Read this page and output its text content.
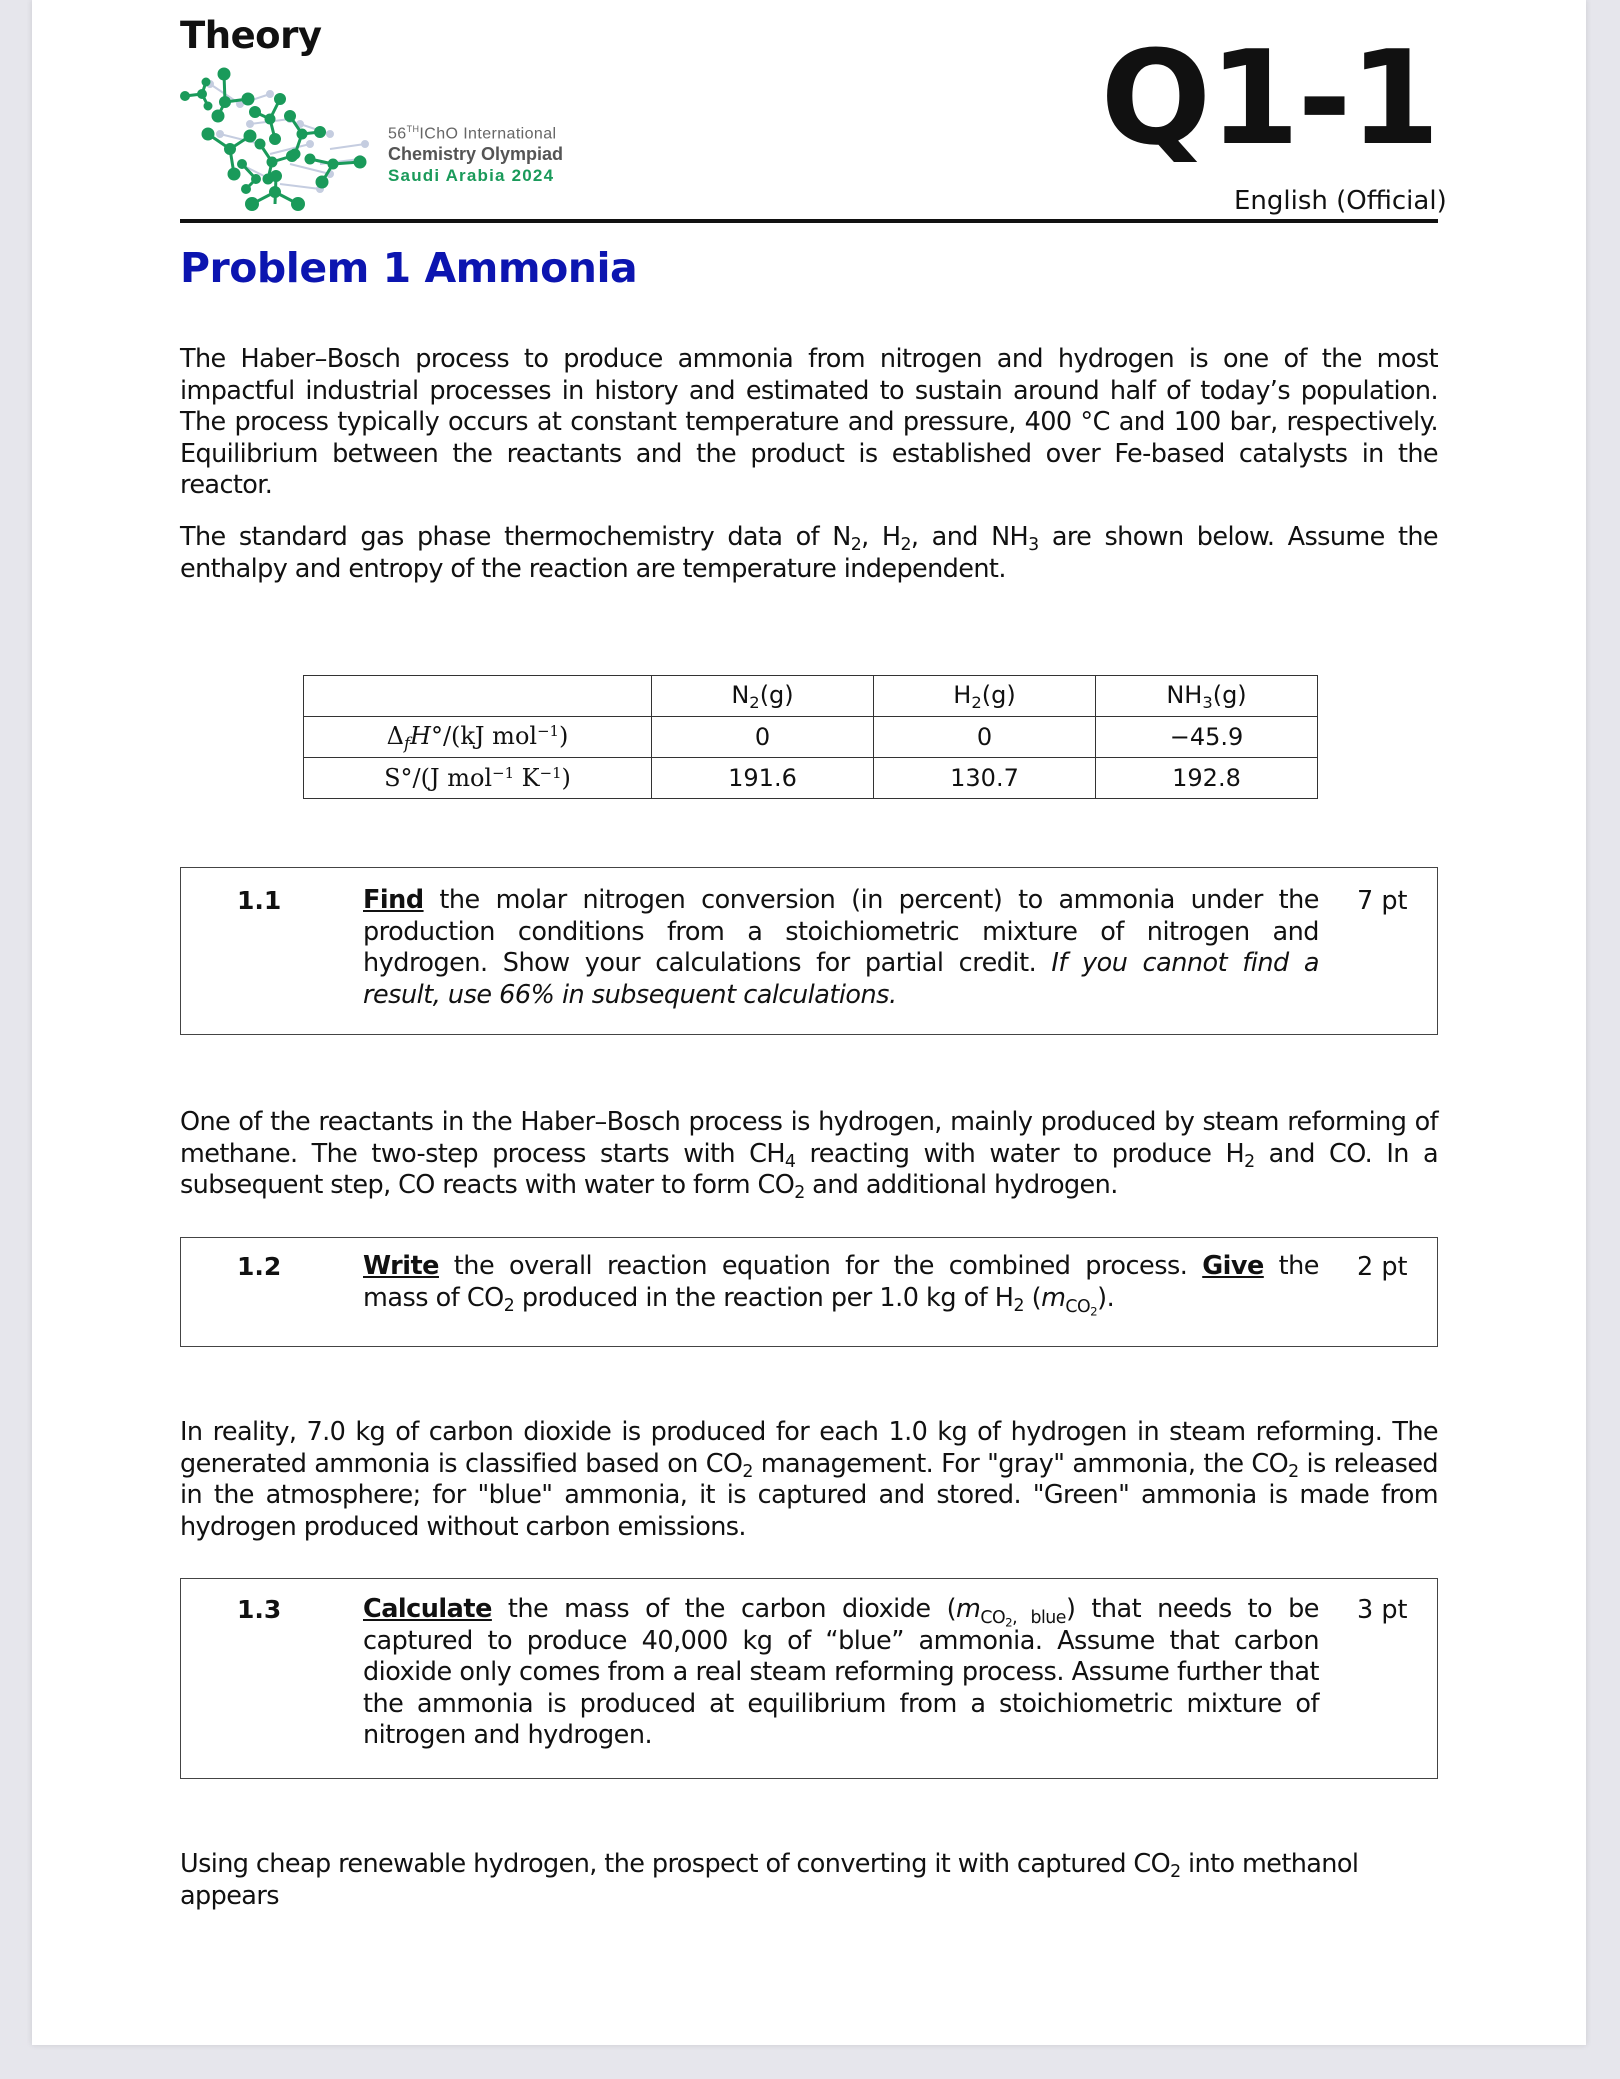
Theory
56THIChO International
Chemistry Olympiad
Saudi Arabia 2024
Q1-1
English (Official)
Problem 1 Ammonia
The Haber–Bosch process to produce ammonia from nitrogen and hydrogen is one of the most impactful industrial processes in history and estimated to sustain around half of today’s population. The process typically occurs at constant temperature and pressure, 400 °C and 100 bar, respectively. Equilibrium between the reactants and the product is established over Fe-based catalysts in the reactor.
The standard gas phase thermochemistry data of $N_2$, $H_2$, and $NH_3$ are shown below. Assume the enthalpy and entropy of the reaction are temperature independent.
	$N_2(g)$	$H_2(g)$	$NH_3(g)$
$\Delta_fH^\circ/(kJ$ mol$^{-1}$)	0	0	−45.9
S°/(J mol$^{-1}$ $K^{-1}$)	191.6	130.7	192.8
1.1	Find the molar nitrogen conversion (in percent) to ammonia under the production conditions from a stoichiometric mixture of nitrogen and hydrogen. Show your calculations for partial credit. If you cannot find a result, use 66% in subsequent calculations.
7 pt
One of the reactants in the Haber–Bosch process is hydrogen, mainly produced by steam reforming of methane. The two-step process starts with $CH_4$ reacting with water to produce $H_2$ and CO. In a subsequent step, CO reacts with water to form $CO_2$ and additional hydrogen.
1.2	Write the overall reaction equation for the combined process. Give the mass of $CO_2$ produced in the reaction per 1.0 kg of $H_2$ $(m_{CO_2})$.
2 pt
In reality, 7.0 kg of carbon dioxide is produced for each 1.0 kg of hydrogen in steam reforming. The generated ammonia is classified based on $CO_2$ management. For "gray" ammonia, the $CO_2$ is released in the atmosphere; for "blue" ammonia, it is captured and stored. "Green" ammonia is made from hydrogen produced without carbon emissions.
1.3	Calculate the mass of the carbon dioxide $(m_{CO_2, blue})$ that needs to be captured to produce 40,000 kg of “blue” ammonia. Assume that carbon dioxide only comes from a real steam reforming process. Assume further that the ammonia is produced at equilibrium from a stoichiometric mixture of nitrogen and hydrogen.
3 pt
Using cheap renewable hydrogen, the prospect of converting it with captured $CO_2$ into methanol appears
